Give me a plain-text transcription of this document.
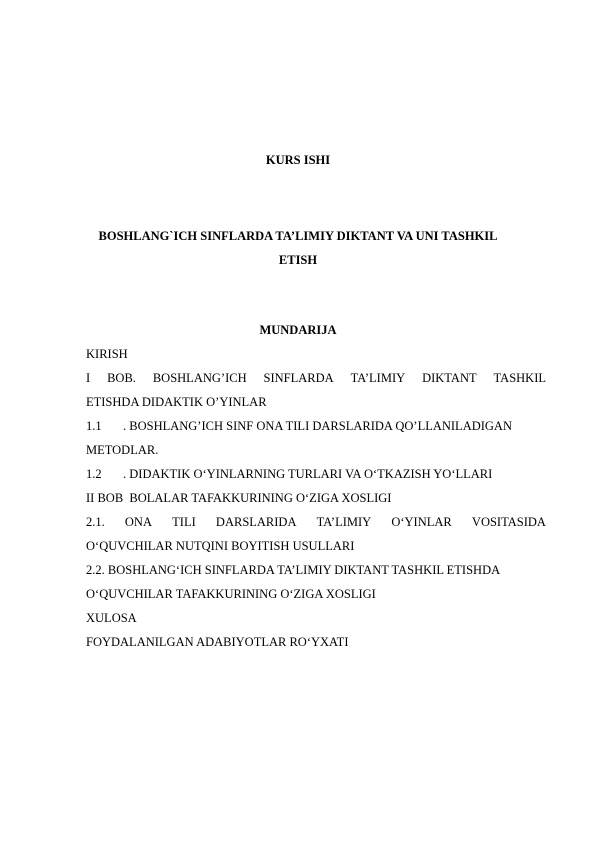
KURS ISHI
BOSHLANG`ICH SINFLARDA TA’LIMIY DIKTANT VA UNI TASHKIL
ETISH
MUNDARIJA
KIRISH
I BOB. BOSHLANG’ICH SINFLARDA TA’LIMIY DIKTANT TASHKIL
ETISHDA DIDAKTIK O’YINLAR
1.1 . BOSHLANG’ICH SINF ONA TILI DARSLARIDA QO’LLANILADIGAN
METODLAR.
1.2 . DIDAKTIK O‘YINLARNING TURLARI VA O‘TKAZISH YO‘LLARI
II BOB  BOLALAR TAFAKKURINING O‘ZIGA XOSLIGI
2.1. ONA TILI DARSLARIDA TA’LIMIY O‘YINLAR VOSITASIDA
O‘QUVCHILAR NUTQINI BOYITISH USULLARI
2.2. BOSHLANG‘ICH SINFLARDA TA’LIMIY DIKTANT TASHKIL ETISHDA
O‘QUVCHILAR TAFAKKURINING O‘ZIGA XOSLIGI
XULOSA
FOYDALANILGAN ADABIYOTLAR RO‘YXATI
